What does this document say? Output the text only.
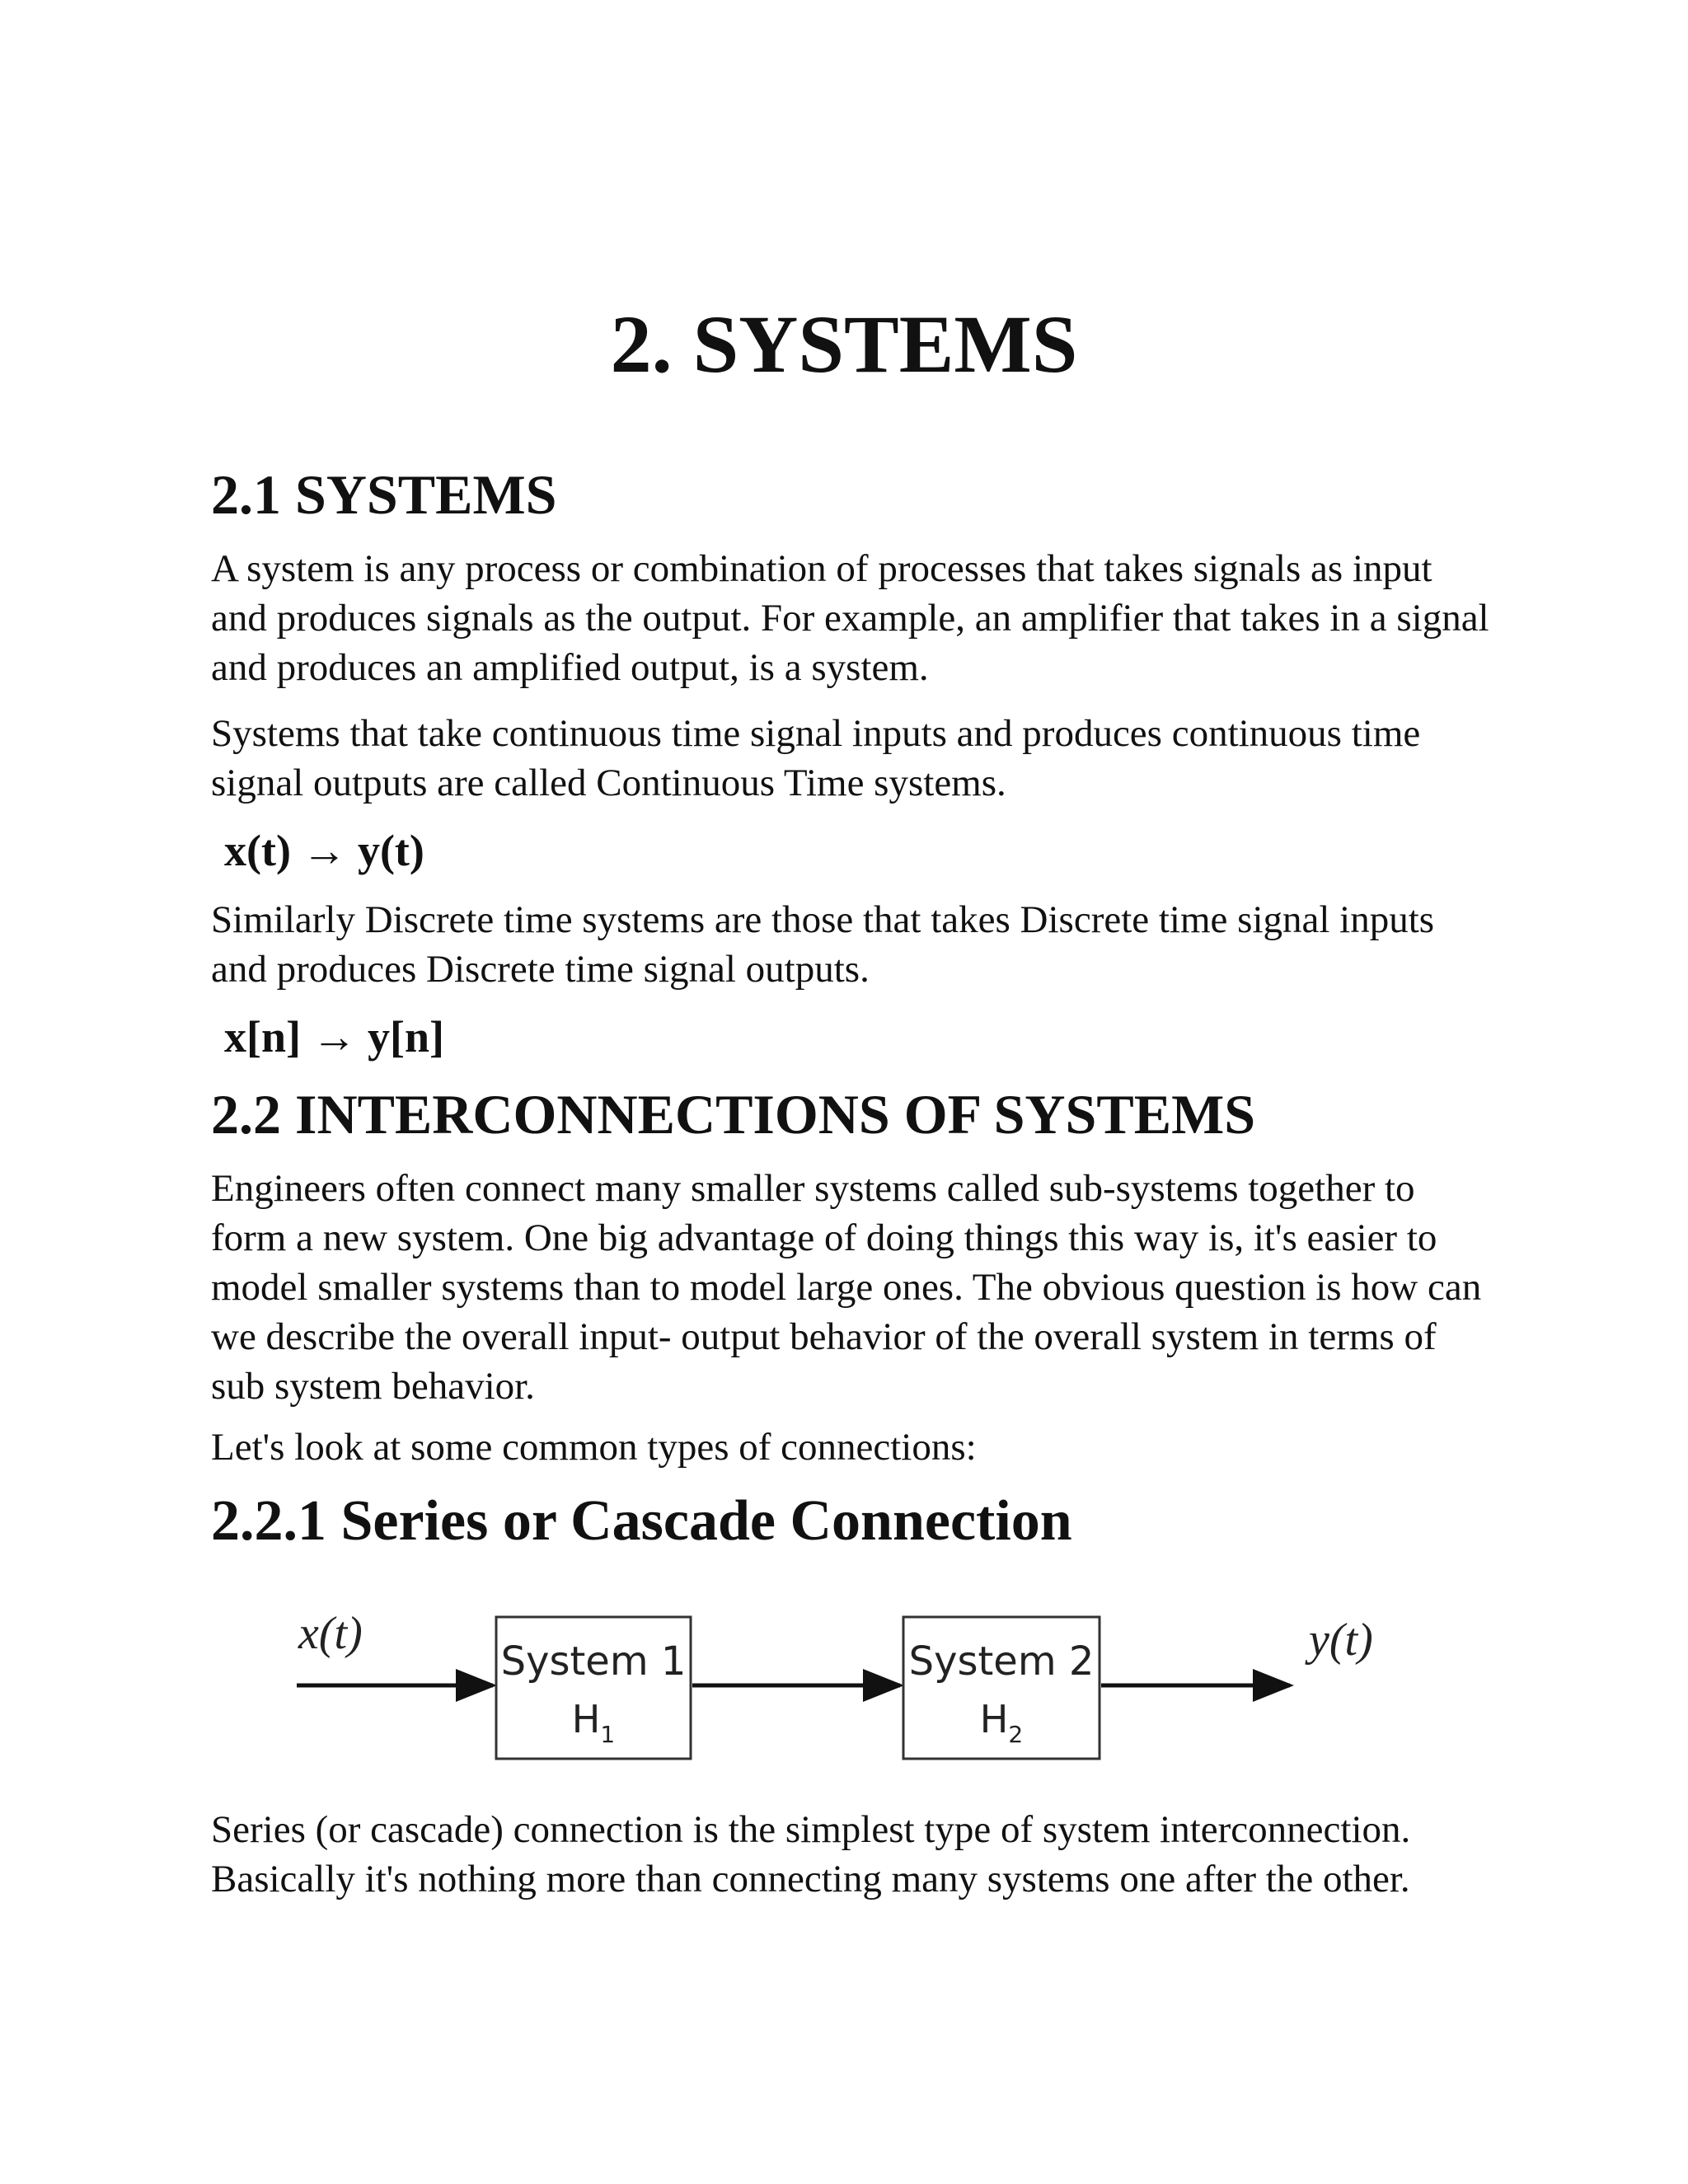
2. SYSTEMS
2.1 SYSTEMS

A system is any process or combination of processes that takes signals as input and produces signals as the output. For example, an amplifier that takes in a signal and produces an amplified output, is a system.

Systems that take continuous time signal inputs and produces continuous time signal outputs are called Continuous Time systems.

x(t) → y(t)

Similarly Discrete time systems are those that takes Discrete time signal inputs and produces Discrete time signal outputs.

x[n] → y[n]

2.2 INTERCONNECTIONS OF SYSTEMS

Engineers often connect many smaller systems called sub-systems together to form a new system. One big advantage of doing things this way is, it's easier to model smaller systems than to model large ones. The obvious question is how can we describe the overall input- output behavior of the overall system in terms of sub system behavior.

Let's look at some common types of connections:

2.2.1 Series or Cascade Connection
x(t)
System 1
$H_1$
System 2
$H_2$
y(t)

Series (or cascade) connection is the simplest type of system interconnection. Basically it's nothing more than connecting many systems one after the other.
